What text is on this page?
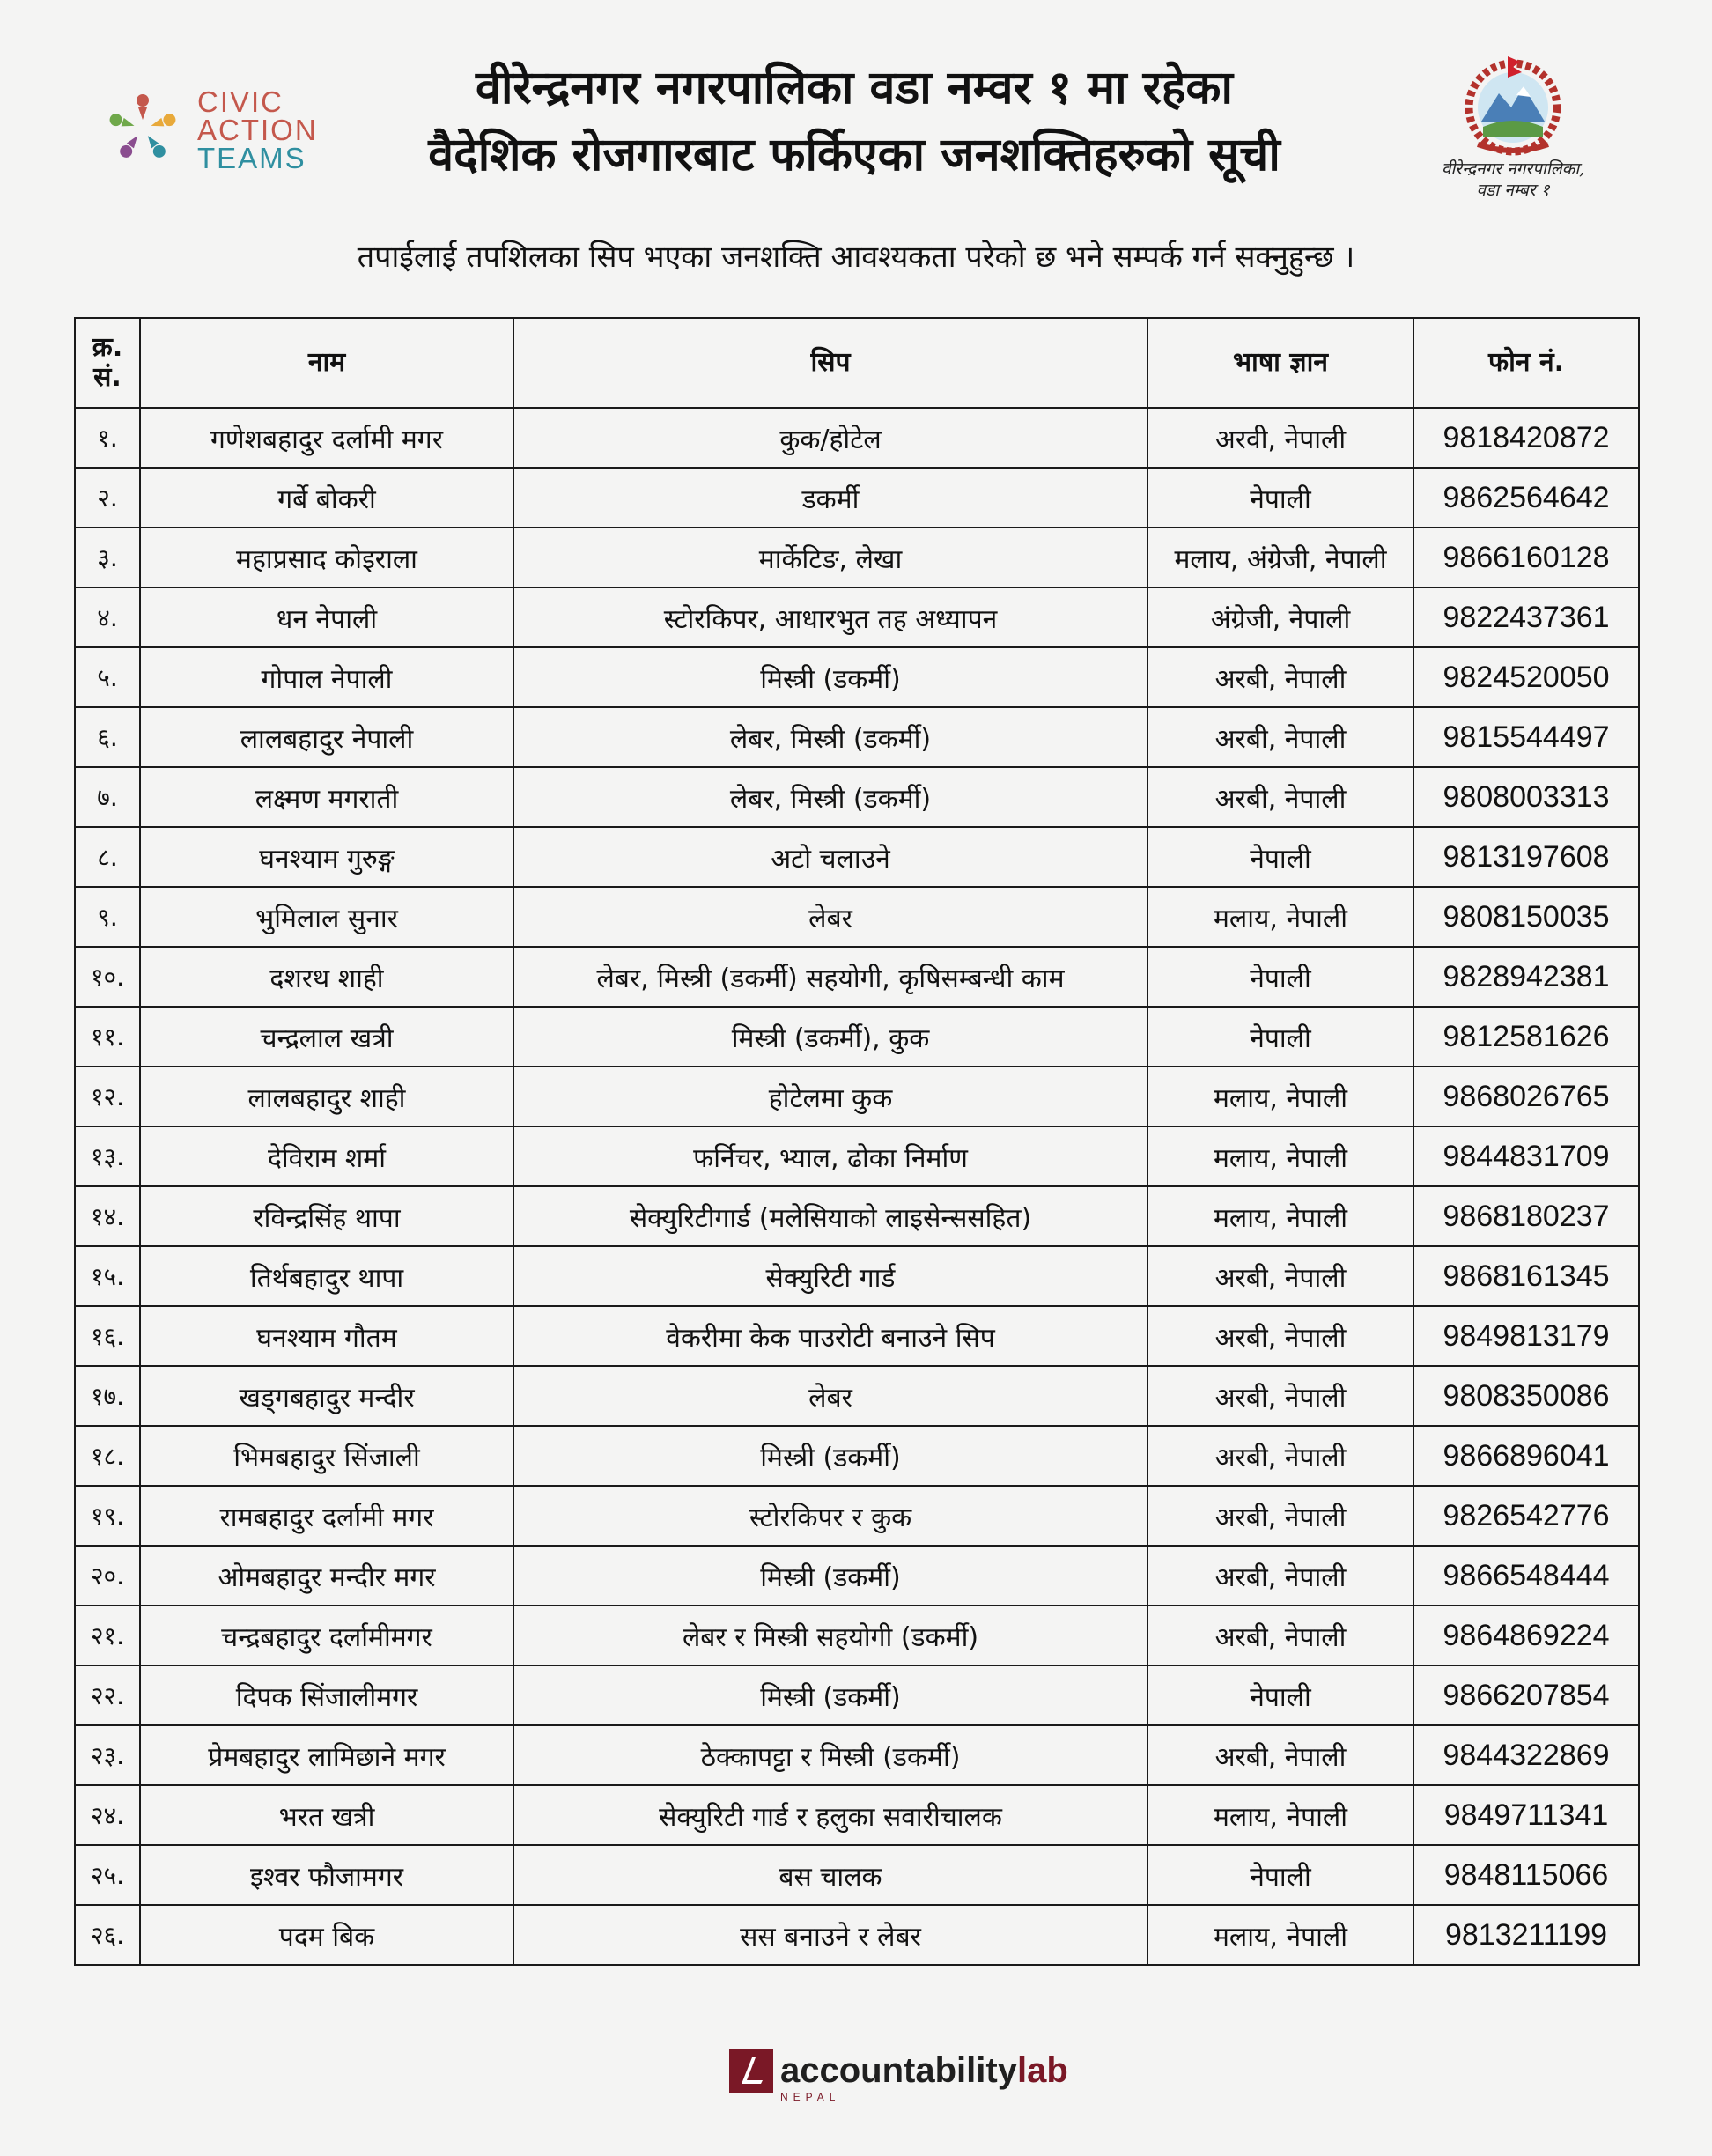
CIVIC
ACTION
TEAMS
वीरेन्द्रनगर नगरपालिका वडा नम्वर १ मा रहेका
वैदेशिक रोजगारबाट फर्किएका जनशक्तिहरुको सूची	वीरेन्द्रनगर नगरपालिका,
वडा नम्बर १
तपाईलाई तपशिलका सिप भएका जनशक्ति आवश्यकता परेको छ भने सम्पर्क गर्न सक्नुहुन्छ ।
क्र.
सं.	नाम	सिप	भाषा ज्ञान	फोन नं.
१.	गणेशबहादुर दर्लामी मगर	कुक/होटेल	अरवी, नेपाली	9818420872
२.	गर्बे बोकरी	डकर्मी	नेपाली	9862564642
३.	महाप्रसाद कोइराला	मार्केटिङ, लेखा	मलाय, अंग्रेजी, नेपाली	9866160128
४.	धन नेपाली	स्टोरकिपर, आधारभुत तह अध्यापन	अंग्रेजी, नेपाली	9822437361
५.	गोपाल नेपाली	मिस्त्री (डकर्मी)	अरबी, नेपाली	9824520050
६.	लालबहादुर नेपाली	लेबर, मिस्त्री (डकर्मी)	अरबी, नेपाली	9815544497
७.	लक्ष्मण मगराती	लेबर, मिस्त्री (डकर्मी)	अरबी, नेपाली	9808003313
८.	घनश्याम गुरुङ्ग	अटो चलाउने	नेपाली	9813197608
९.	भुमिलाल सुनार	लेबर	मलाय, नेपाली	9808150035
१०.	दशरथ शाही	लेबर, मिस्त्री (डकर्मी) सहयोगी, कृषिसम्बन्धी काम	नेपाली	9828942381
११.	चन्द्रलाल खत्री	मिस्त्री (डकर्मी), कुक	नेपाली	9812581626
१२.	लालबहादुर शाही	होटेलमा कुक	मलाय, नेपाली	9868026765
१३.	देविराम शर्मा	फर्निचर, भ्याल, ढोका निर्माण	मलाय, नेपाली	9844831709
१४.	रविन्द्रसिंह थापा	सेक्युरिटीगार्ड (मलेसियाको लाइसेन्ससहित)	मलाय, नेपाली	9868180237
१५.	तिर्थबहादुर थापा	सेक्युरिटी गार्ड	अरबी, नेपाली	9868161345
१६.	घनश्याम गौतम	वेकरीमा केक पाउरोटी बनाउने सिप	अरबी, नेपाली	9849813179
१७.	खड्गबहादुर मन्दीर	लेबर	अरबी, नेपाली	9808350086
१८.	भिमबहादुर सिंजाली	मिस्त्री (डकर्मी)	अरबी, नेपाली	9866896041
१९.	रामबहादुर दर्लामी मगर	स्टोरकिपर र कुक	अरबी, नेपाली	9826542776
२०.	ओमबहादुर मन्दीर मगर	मिस्त्री (डकर्मी)	अरबी, नेपाली	9866548444
२१.	चन्द्रबहादुर दर्लामीमगर	लेबर र मिस्त्री सहयोगी (डकर्मी)	अरबी, नेपाली	9864869224
२२.	दिपक सिंजालीमगर	मिस्त्री (डकर्मी)	नेपाली	9866207854
२३.	प्रेमबहादुर लामिछाने मगर	ठेक्कापट्टा र मिस्त्री (डकर्मी)	अरबी, नेपाली	9844322869
२४.	भरत खत्री	सेक्युरिटी गार्ड र हलुका सवारीचालक	मलाय, नेपाली	9849711341
२५.	इश्वर फौजामगर	बस चालक	नेपाली	9848115066
२६.	पदम बिक	सस बनाउने र लेबर	मलाय, नेपाली	9813211199
accountabilitylab
NEPAL
